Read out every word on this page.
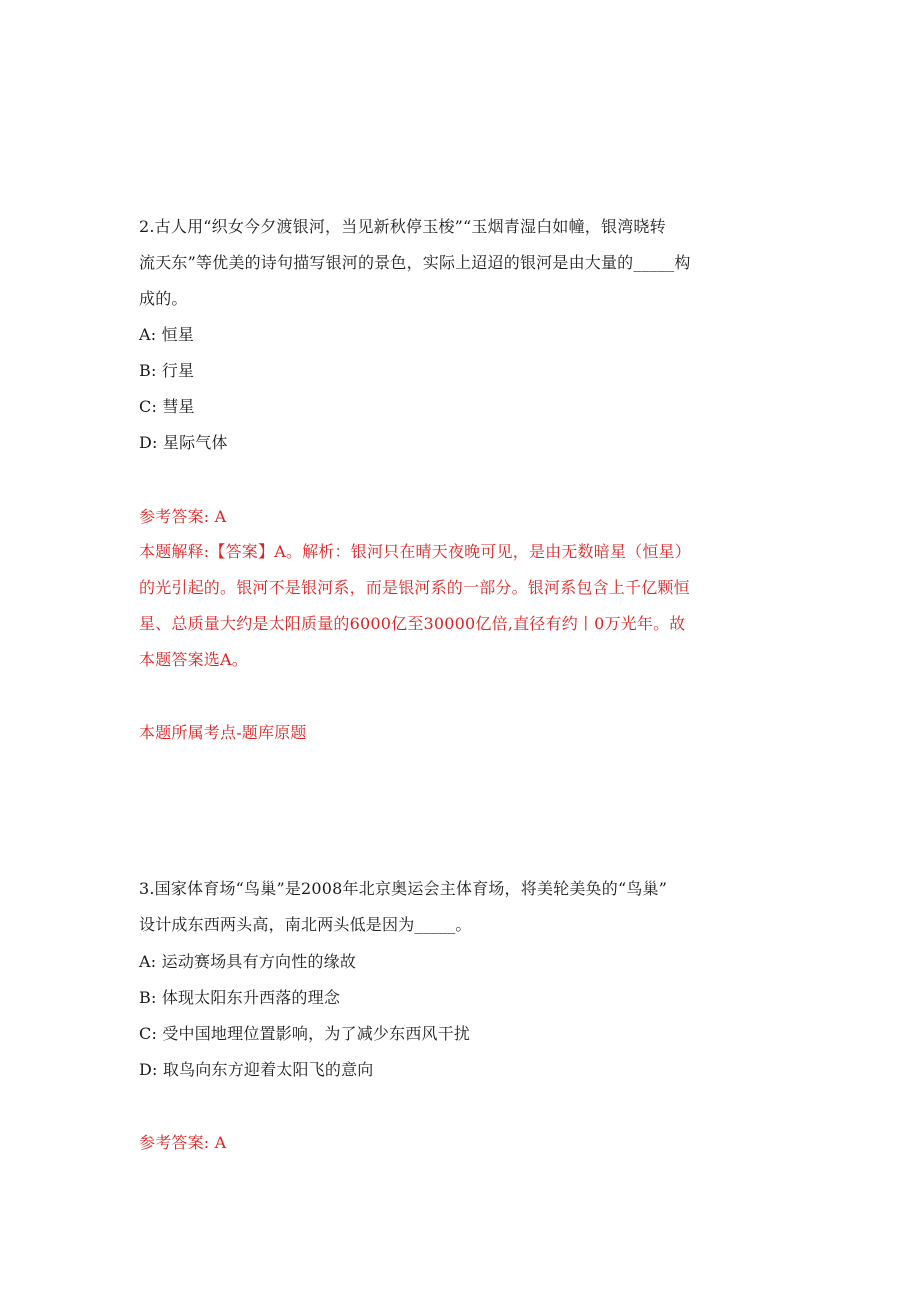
2.古人用“织女今夕渡银河，当见新秋停玉梭”“玉烟青湿白如幢，银湾晓转
流天东”等优美的诗句描写银河的景色，实际上迢迢的银河是由大量的_____构
成的。
A: 恒星
B: 行星
C: 彗星
D: 星际气体
参考答案: A
本题解释:【答案】A。解析：银河只在晴天夜晚可见，是由无数暗星（恒星）
的光引起的。银河不是银河系，而是银河系的一部分。银河系包含上千亿颗恒
星、总质量大约是太阳质量的6000亿至30000亿倍,直径有约丨0万光年。故
本题答案选A。
本题所属考点-题库原题
3.国家体育场“鸟巢”是2008年北京奥运会主体育场，将美轮美奂的“鸟巢”
设计成东西两头高，南北两头低是因为_____。
A: 运动赛场具有方向性的缘故
B: 体现太阳东升西落的理念
C: 受中国地理位置影响，为了减少东西风干扰
D: 取鸟向东方迎着太阳飞的意向
参考答案: A
